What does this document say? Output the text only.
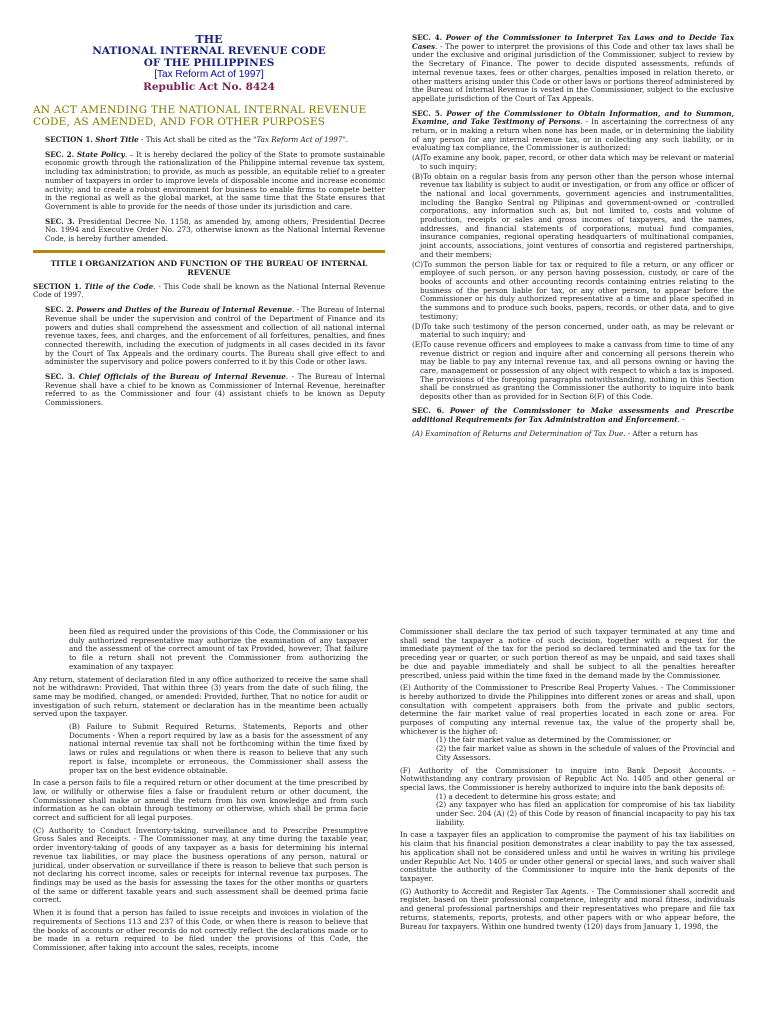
THE
NATIONAL INTERNAL REVENUE CODE
OF THE PHILIPPINES
[Tax Reform Act of 1997]
Republic Act No. 8424
AN ACT AMENDING THE NATIONAL INTERNAL REVENUE CODE, AS AMENDED, AND FOR OTHER PURPOSES

SECTION 1. Short Title - This Act shall be cited as the "Tax Reform Act of 1997".

SEC. 2. State Policy. – It is hereby declared the policy of the State to promote sustainable economic growth through the rationalization of the Philippine internal revenue tax system, including tax administration; to provide, as much as possible, an equitable relief to a greater number of taxpayers in order to improve levels of disposable income and increase economic activity; and to create a robust environment for business to enable firms to compete better in the regional as well as the global market, at the same time that the State ensures that Government is able to provide for the needs of those under its jurisdiction and care.

SEC. 3. Presidential Decree No. 1158, as amended by, among others, Presidential Decree No. 1994 and Executive Order No. 273, otherwise known as the National Internal Revenue Code, is hereby further amended.

TITLE I ORGANIZATION AND FUNCTION OF THE BUREAU OF INTERNAL REVENUE

SECTION 1. Title of the Code. - This Code shall be known as the National Internal Revenue Code of 1997.

SEC. 2. Powers and Duties of the Bureau of Internal Revenue. - The Bureau of Internal Revenue shall be under the supervision and control of the Department of Finance and its powers and duties shall comprehend the assessment and collection of all national internal revenue taxes, fees, and charges, and the enforcement of all forfeitures, penalties, and fines connected therewith, including the execution of judgments in all cases decided in its favor by the Court of Tax Appeals and the ordinary courts. The Bureau shall give effect to and administer the supervisory and police powers conferred to it by this Code or other laws.

SEC. 3. Chief Officials of the Bureau of Internal Revenue. - The Bureau of Internal Revenue shall have a chief to be known as Commissioner of Internal Revenue, hereinafter referred to as the Commissioner and four (4) assistant chiefs to be known as Deputy Commissioners.

SEC. 4. Power of the Commissioner to Interpret Tax Laws and to Decide Tax Cases. - The power to interpret the provisions of this Code and other tax laws shall be under the exclusive and original jurisdiction of the Commissioner, subject to review by the Secretary of Finance. The power to decide disputed assessments, refunds of internal revenue taxes, fees or other charges, penalties imposed in relation thereto, or other matters arising under this Code or other laws or portions thereof administered by the Bureau of Internal Revenue is vested in the Commissioner, subject to the exclusive appellate jurisdiction of the Court of Tax Appeals.

SEC. 5. Power of the Commissioner to Obtain Information, and to Summon, Examine, and Take Testimony of Persons. - In ascertaining the correctness of any return, or in making a return when none has been made, or in determining the liability of any person for any internal revenue tax, or in collecting any such liability, or in evaluating tax compliance, the Commissioner is authorized:

(A) To examine any book, paper, record, or other data which may be relevant or material to such inquiry;
(B) To obtain on a regular basis from any person other than the person whose internal revenue tax liability is subject to audit or investigation, or from any office or officer of the national and local governments, government agencies and instrumentalities, including the Bangko Sentral ng Pilipinas and government-owned or -controlled corporations, any information such as, but not limited to, costs and volume of production, receipts or sales and gross incomes of taxpayers, and the names, addresses, and financial statements of corporations, mutual fund companies, insurance companies, regional operating headquarters of multinational companies, joint accounts, associations, joint ventures of consortia and registered partnerships, and their members;
(C) To summon the person liable for tax or required to file a return, or any officer or employee of such person, or any person having possession, custody, or care of the books of accounts and other accounting records containing entries relating to the business of the person liable for tax, or any other person, to appear before the Commissioner or his duly authorized representative at a time and place specified in the summons and to produce such books, papers, records, or other data, and to give testimony;
(D) To take such testimony of the person concerned, under oath, as may be relevant or material to such inquiry; and
(E) To cause revenue officers and employees to make a canvass from time to time of any revenue district or region and inquire after and concerning all persons therein who may be liable to pay any internal revenue tax, and all persons owning or having the care, management or possession of any object with respect to which a tax is imposed. The provisions of the foregoing paragraphs notwithstanding, nothing in this Section shall be construed as granting the Commissioner the authority to inquire into bank deposits other than as provided for in Section 6(F) of this Code.

SEC. 6. Power of the Commissioner to Make assessments and Prescribe additional Requirements for Tax Administration and Enforcement. -

(A) Examination of Returns and Determination of Tax Due. - After a return has

been filed as required under the provisions of this Code, the Commissioner or his duly authorized representative may authorize the examination of any taxpayer and the assessment of the correct amount of tax Provided, however; That failure to file a return shall not prevent the Commissioner from authorizing the examination of any taxpayer.

Any return, statement of declaration filed in any office authorized to receive the same shall not be withdrawn: Provided, That within three (3) years from the date of such filing, the same may be modified, changed, or amended: Provided, further, That no notice for audit or investigation of such return, statement or declaration has in the meantime been actually served upon the taxpayer.

(B) Failure to Submit Required Returns, Statements, Reports and other Documents - When a report required by law as a basis for the assessment of any national internal revenue tax shall not be forthcoming within the time fixed by laws or rules and regulations or when there is reason to believe that any such report is false, incomplete or erroneous, the Commissioner shall assess the proper tax on the best evidence obtainable.

In case a person fails to file a required return or other document at the time prescribed by law, or willfully or otherwise files a false or fraudulent return or other document, the Commissioner shall make or amend the return from his own knowledge and from such information as he can obtain through testimony or otherwise, which shall be prima facie correct and sufficient for all legal purposes.

(C) Authority to Conduct Inventory-taking, surveillance and to Prescribe Presumptive Gross Sales and Receipts. - The Commissioner may, at any time during the taxable year, order inventory-taking of goods of any taxpayer as a basis for determining his internal revenue tax liabilities, or may place the business operations of any person, natural or juridical, under observation or surveillance if there is reason to believe that such person is not declaring his correct income, sales or receipts for internal revenue tax purposes. The findings may be used as the basis for assessing the taxes for the other months or quarters of the same or different taxable years and such assessment shall be deemed prima facie correct.

When it is found that a person has failed to issue receipts and invoices in violation of the requirements of Sections 113 and 237 of this Code, or when there is reason to believe that the books of accounts or other records do not correctly reflect the declarations made or to be made in a return required to be filed under the provisions of this Code, the Commissioner, after taking into account the sales, receipts, income

Commissioner shall declare the tax period of such taxpayer terminated at any time and shall send the taxpayer a notice of such decision, together with a request for the immediate payment of the tax for the period so declared terminated and the tax for the preceding year or quarter, or such portion thereof as may be unpaid, and said taxes shall be due and payable immediately and shall be subject to all the penalties hereafter prescribed, unless paid within the time fixed in the demand made by the Commissioner.

(E) Authority of the Commissioner to Prescribe Real Property Values. - The Commissioner is hereby authorized to divide the Philippines into different zones or areas and shall, upon consultation with competent appraisers both from the private and public sectors, determine the fair market value of real properties located in each zone or area. For purposes of computing any internal revenue tax, the value of the property shall be, whichever is the higher of:

(1) the fair market value as determined by the Commissioner, or
(2) the fair market value as shown in the schedule of values of the Provincial and City Assessors.

(F) Authority of the Commissioner to inquire into Bank Deposit Accounts. - Notwithstanding any contrary provision of Republic Act No. 1405 and other general or special laws, the Commissioner is hereby authorized to inquire into the bank deposits of:

(1) a decedent to determine his gross estate; and
(2) any taxpayer who has filed an application for compromise of his tax liability under Sec. 204 (A) (2) of this Code by reason of financial incapacity to pay his tax liability.

In case a taxpayer files an application to compromise the payment of his tax liabilities on his claim that his financial position demonstrates a clear inability to pay the tax assessed, his application shall not be considered unless and until he waives in writing his privilege under Republic Act No. 1405 or under other general or special laws, and such waiver shall constitute the authority of the Commissioner to inquire into the bank deposits of the taxpayer.

(G) Authority to Accredit and Register Tax Agents. - The Commissioner shall accredit and register, based on their professional competence, integrity and moral fitness, individuals and general professional partnerships and their representatives who prepare and file tax returns, statements, reports, protests, and other papers with or who appear before, the Bureau for taxpayers. Within one hundred twenty (120) days from January 1, 1998, the
